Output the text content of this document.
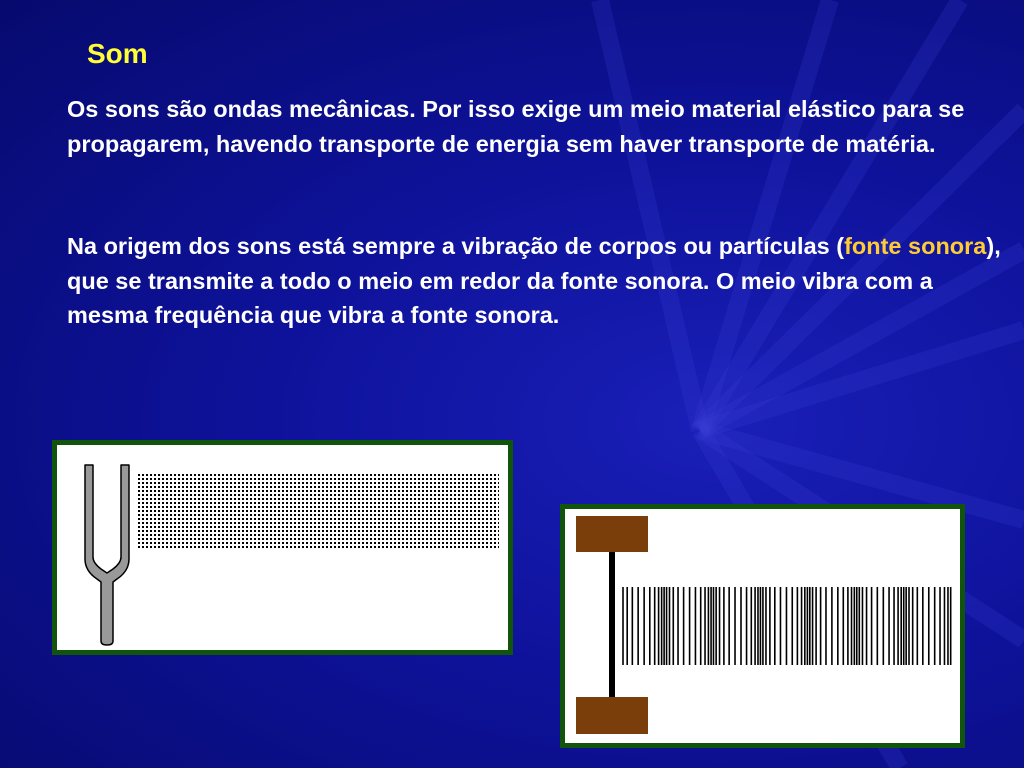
Som

Os sons são ondas mecânicas. Por isso exige um meio material elástico para se propagarem, havendo transporte de energia sem haver transporte de matéria.

Na origem dos sons está sempre a vibração de corpos ou partículas (fonte sonora), que se transmite a todo o meio em redor da fonte sonora. O meio vibra com a mesma frequência que vibra a fonte sonora.
